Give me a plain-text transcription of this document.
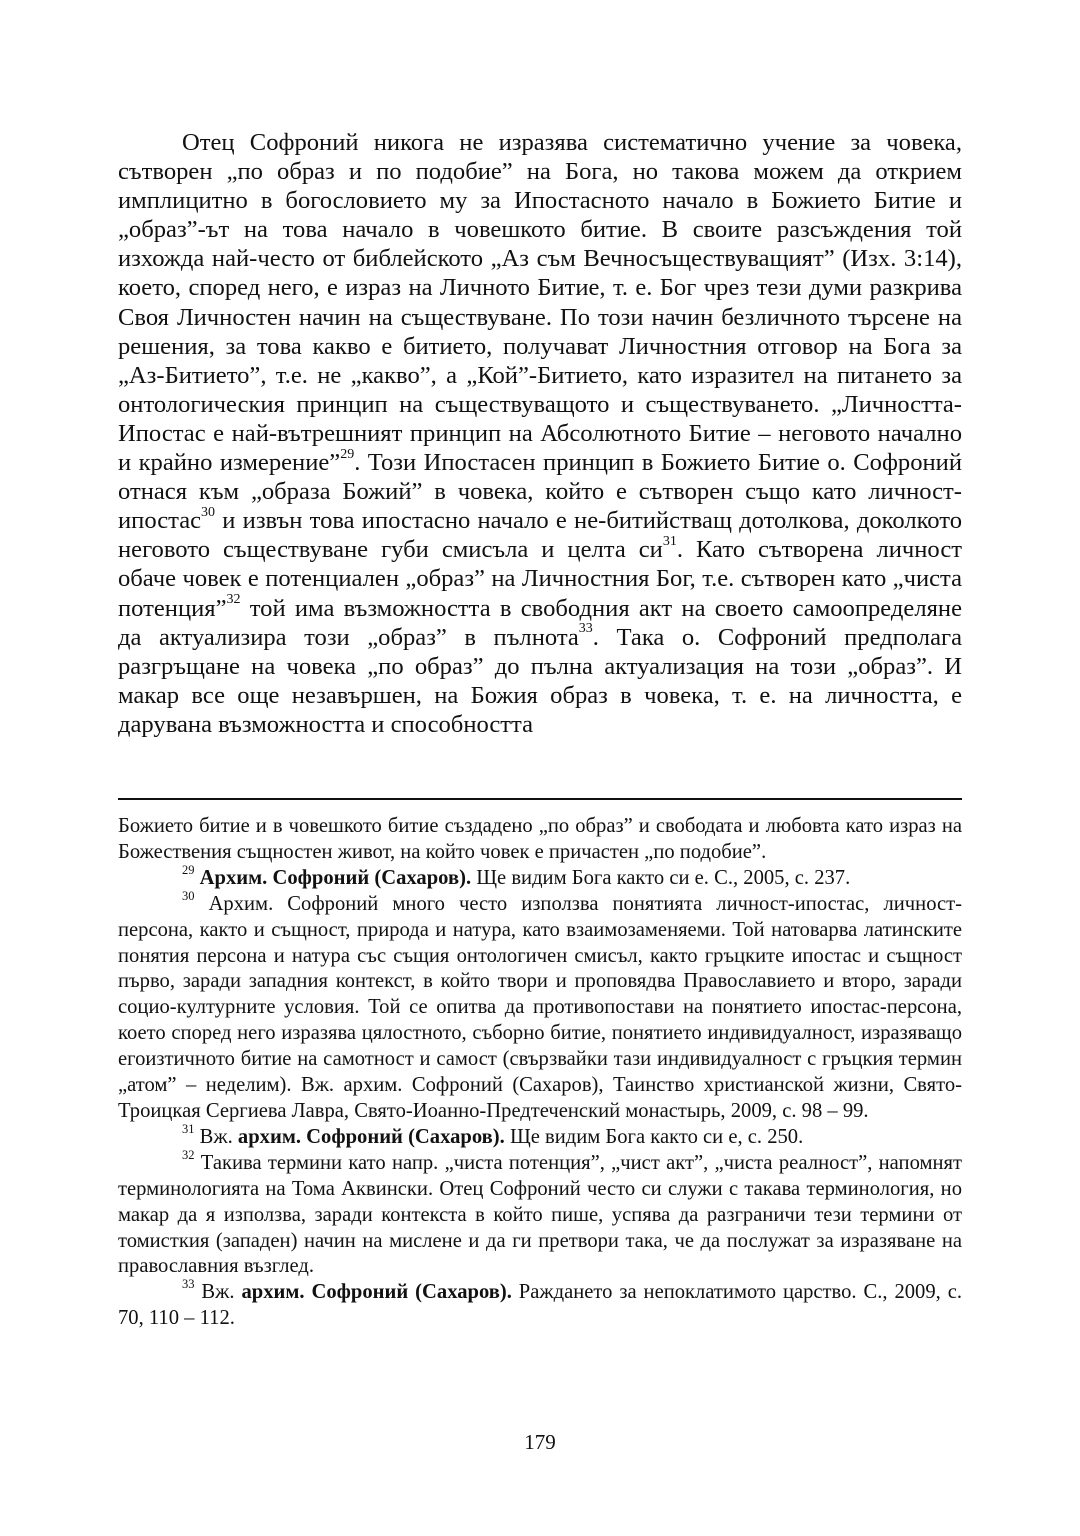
Отец Софроний никога не изразява систематично учение за човека, сътворен „по образ и по подобие” на Бога, но такова можем да открием имплицитно в богословието му за Ипостасното начало в Божието Битие и „образ”-ът на това начало в човешкото битие. В своите разсъждения той изхожда най-често от библейското „Аз съм Вечносъществуващият” (Изх. 3:14), което, според него, е израз на Личното Битие, т. е. Бог чрез тези думи разкрива Своя Личностен начин на съществуване. По този начин безличното търсене на решения, за това какво е битието, получават Личностния отговор на Бога за „Аз-Битието”, т.е. не „какво”, а „Кой”-Битието, като изразител на питането за онтологическия принцип на съществуващото и съществуването. „Личността-Ипостас е най-вътрешният принцип на Абсолютното Битие – неговото начално и крайно измерение”$^{29}$. Този Ипостасен принцип в Божието Битие о. Софроний отнася към „образа Божий” в човека, който е сътворен също като личност-ипостас$^{30}$ и извън това ипостасно начало е не-битийстващ дотолкова, доколкото неговото съществуване губи смисъла и целта $си^{31}$. Като сътворена личност обаче човек е потенциален „образ” на Личностния Бог, т.е. сътворен като „чиста потенция”$^{32}$ той има възможността в свободния акт на своето самоопределяне да актуализира този „образ” в пълнота$^{33}$. Така о. Софроний предполага разгръщане на човека „по образ” до пълна актуализация на този „образ”. И макар все още незавършен, на Божия образ в човека, т. е. на личността, е дарувана възможността и способността

Божието битие и в човешкото битие създадено „по образ” и свободата и любовта като израз на Божествения същностен живот, на който човек е причастен „по подобие”.

$^{29}$ Архим. Софроний (Сахаров). Ще видим Бога както си е. С., 2005, с. 237.

$^{30}$ Архим. Софроний много често използва понятията личност-ипостас, личност-персона, както и същност, природа и натура, като взаимозаменяеми. Той натоварва латинските понятия персона и натура със същия онтологичен смисъл, както гръцките ипостас и същност първо, заради западния контекст, в който твори и проповядва Православието и второ, заради социо-културните условия. Той се опитва да противопостави на понятието ипостас-персона, което според него изразява цялостното, съборно битие, понятието индивидуалност, изразяващо егоизтичното битие на самотност и самост (свързвайки тази индивидуалност с гръцкия термин „атом” – неделим). Вж. архим. Софроний (Сахаров), Таинство христианской жизни, Свято-Троицкая Сергиева Лавра, Свято-Иоанно-Предтеченский монастырь, 2009, с. 98 – 99.

$^{31}$ Вж. архим. Софроний (Сахаров). Ще видим Бога както си е, с. 250.

$^{32}$ Такива термини като напр. „чиста потенция”, „чист акт”, „чиста реалност”, напомнят терминологията на Тома Аквински. Отец Софроний често си служи с такава терминология, но макар да я използва, заради контекста в който пише, успява да разграничи тези термини от томисткия (западен) начин на мислене и да ги претвори така, че да послужат за изразяване на православния възглед.

$^{33}$ Вж. архим. Софроний (Сахаров). Раждането за непоклатимото царство. С., 2009, с. 70, 110 – 112.

179
